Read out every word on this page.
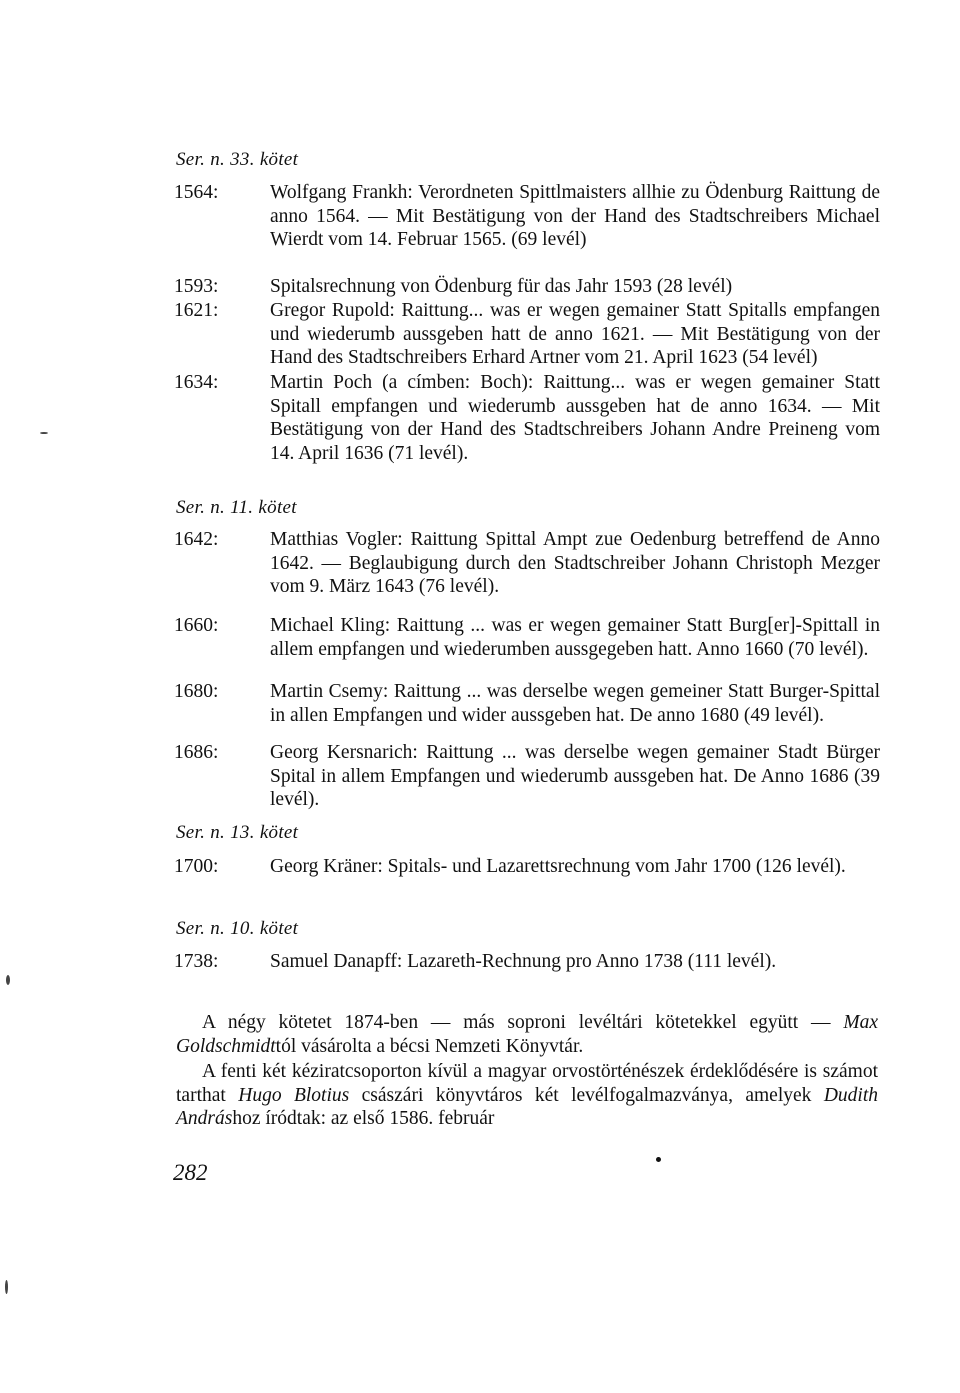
Ser. n. 33. kötet
1564:	Wolfgang Frankh: Verordneten Spittlmaisters allhie zu Ödenburg Raittung de anno 1564. — Mit Bestätigung von der Hand des Stadtschreibers Michael Wierdt vom 14. Februar 1565. (69 levél)
1593:	Spitalsrechnung von Ödenburg für das Jahr 1593 (28 levél)
1621:	Gregor Rupold: Raittung... was er wegen gemainer Statt Spitalls empfangen und wiederumb aussgeben hatt de anno 1621. — Mit Bestätigung von der Hand des Stadtschreibers Erhard Artner vom 21. April 1623 (54 levél)
1634:	Martin Poch (a címben: Boch): Raittung... was er wegen gemainer Statt Spitall empfangen und wiederumb aussgeben hat de anno 1634. — Mit Bestätigung von der Hand des Stadtschreibers Johann Andre Preineng vom 14. April 1636 (71 levél).
Ser. n. 11. kötet
1642:	Matthias Vogler: Raittung Spittal Ampt zue Oedenburg betreffend de Anno 1642. — Beglaubigung durch den Stadtschreiber Johann Christoph Mezger vom 9. März 1643 (76 levél).
1660:	Michael Kling: Raittung ... was er wegen gemainer Statt Burg[er]-Spittall in allem empfangen und wiederumben aussgegeben hatt. Anno 1660 (70 levél).
1680:	Martin Csemy: Raittung ... was derselbe wegen gemeiner Statt Burger-Spittal in allen Empfangen und wider aussgeben hat. De anno 1680 (49 levél).
1686:	Georg Kersnarich: Raittung ... was derselbe wegen gemainer Stadt Bürger Spital in allem Empfangen und wiederumb aussgeben hat. De Anno 1686 (39 levél).
Ser. n. 13. kötet
1700:	Georg Kräner: Spitals- und Lazarettsrechnung vom Jahr 1700 (126 levél).
Ser. n. 10. kötet
1738:	Samuel Danapff: Lazareth-Rechnung pro Anno 1738 (111 levél).
A négy kötetet 1874-ben — más soproni levéltári kötetekkel együtt — Max Goldschmidttól vásárolta a bécsi Nemzeti Könyvtár.
A fenti két kéziratcsoporton kívül a magyar orvostörténészek érdeklődésére is számot tarthat Hugo Blotius császári könyvtáros két levélfogalmazványa, amelyek Dudith Andráshoz íródtak: az első 1586. február
282
